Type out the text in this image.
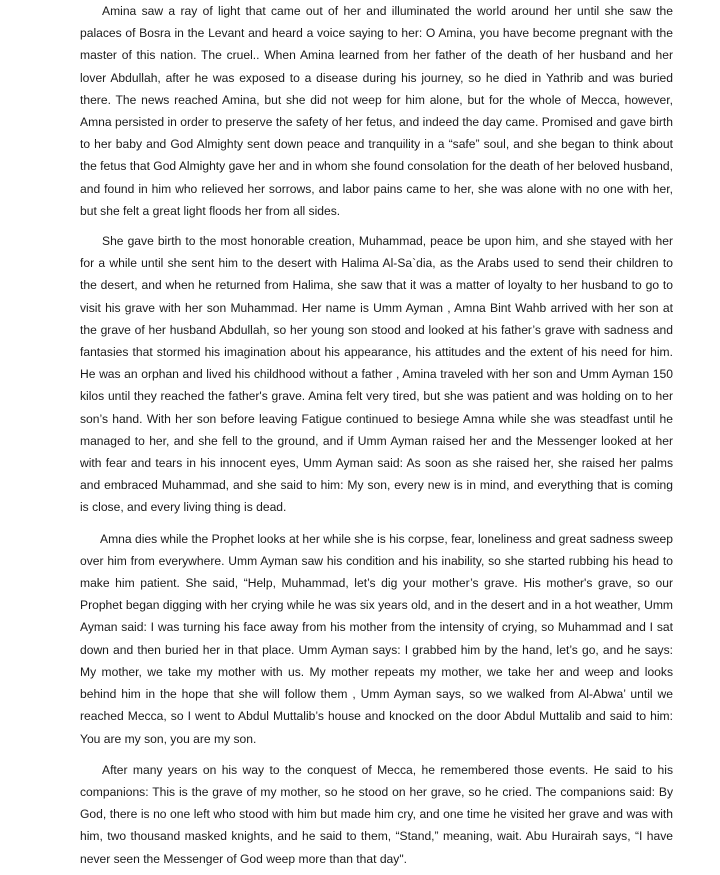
Amina saw a ray of light that came out of her and illuminated the world around her until she saw the palaces of Bosra in the Levant and heard a voice saying to her: O Amina, you have become pregnant with the master of this nation. The cruel.. When Amina learned from her father of the death of her husband and her lover Abdullah, after he was exposed to a disease during his journey, so he died in Yathrib and was buried there. The news reached Amina, but she did not weep for him alone, but for the whole of Mecca, however, Amna persisted in order to preserve the safety of her fetus, and indeed the day came. Promised and gave birth to her baby and God Almighty sent down peace and tranquility in a “safe” soul, and she began to think about the fetus that God Almighty gave her and in whom she found consolation for the death of her beloved husband, and found in him who relieved her sorrows, and labor pains came to her, she was alone with no one with her, but she felt a great light floods her from all sides.

She gave birth to the most honorable creation, Muhammad, peace be upon him, and she stayed with her for a while until she sent him to the desert with Halima Al-Sa`dia, as the Arabs used to send their children to the desert, and when he returned from Halima, she saw that it was a matter of loyalty to her husband to go to visit his grave with her son Muhammad. Her name is Umm Ayman , Amna Bint Wahb arrived with her son at the grave of her husband Abdullah, so her young son stood and looked at his father’s grave with sadness and fantasies that stormed his imagination about his appearance, his attitudes and the extent of his need for him. He was an orphan and lived his childhood without a father , Amina traveled with her son and Umm Ayman 150 kilos until they reached the father's grave. Amina felt very tired, but she was patient and was holding on to her son’s hand. With her son before leaving Fatigue continued to besiege Amna while she was steadfast until he managed to her, and she fell to the ground, and if Umm Ayman raised her and the Messenger looked at her with fear and tears in his innocent eyes, Umm Ayman said: As soon as she raised her, she raised her palms and embraced Muhammad, and she said to him: My son, every new is in mind, and everything that is coming is close, and every living thing is dead.

Amna dies while the Prophet looks at her while she is his corpse, fear, loneliness and great sadness sweep over him from everywhere. Umm Ayman saw his condition and his inability, so she started rubbing his head to make him patient. She said, “Help, Muhammad, let’s dig your mother’s grave. His mother's grave, so our Prophet began digging with her crying while he was six years old, and in the desert and in a hot weather, Umm Ayman said: I was turning his face away from his mother from the intensity of crying, so Muhammad and I sat down and then buried her in that place. Umm Ayman says: I grabbed him by the hand, let’s go, and he says: My mother, we take my mother with us. My mother repeats my mother, we take her and weep and looks behind him in the hope that she will follow them , Umm Ayman says, so we walked from Al-Abwa’ until we reached Mecca, so I went to Abdul Muttalib’s house and knocked on the door Abdul Muttalib and said to him: You are my son, you are my son.

After many years on his way to the conquest of Mecca, he remembered those events. He said to his companions: This is the grave of my mother, so he stood on her grave, so he cried. The companions said: By God, there is no one left who stood with him but made him cry, and one time he visited her grave and was with him, two thousand masked knights, and he said to them, “Stand,” meaning, wait. Abu Hurairah says, “I have never seen the Messenger of God weep more than that day".
